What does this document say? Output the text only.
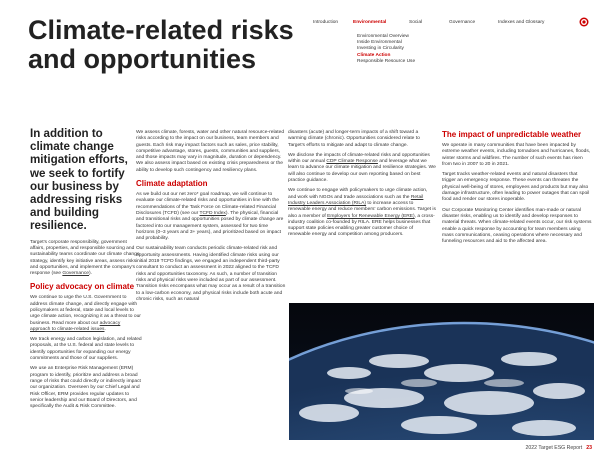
Climate-related risks and opportunities
Introduction	Environmental	Social	Governance	Indexes and Glossary
Environmental Overview
Inside Environmental
Investing in Circularity
Climate Action
Responsible Resource Use
In addition to climate change mitigation efforts, we seek to fortify our business by addressing risks and building resilience.

Target's corporate responsibility, government affairs, properties, and responsible sourcing and sustainability teams coordinate our climate change strategy, identify key initiative areas, assess risks and opportunities, and implement the company's response (see Governance).

Policy advocacy on climate

We continue to urge the U.S. Government to address climate change, and directly engage with policymakers at federal, state and local levels to urge climate action, recognizing it as a threat to our business. Read more about our advocacy approach to climate-related issues.

We track energy and carbon legislation, and related proposals, at the U.S. federal and state levels to identify opportunities for expanding our energy commitments and those of our suppliers.

We use an Enterprise Risk Management (ERM) program to identify, prioritize and address a broad range of risks that could directly or indirectly impact our organization. Overseen by our Chief Legal and Risk Officer, ERM provides regular updates to senior leadership and our Board of Directors, and specifically the Audit & Risk Committee.

We assess climate, forests, water and other natural resource-related risks according to the impact on our business, team members and guests. Each risk may impact factors such as sales, price stability, competitive advantage, stores, guests, communities and suppliers, and those impacts may vary in magnitude, duration or dependency. We also assess impact based on existing crisis preparedness or the ability to develop such contingency and resiliency plans.

Climate adaptation

As we build out our net zero* goal roadmap, we will continue to evaluate our climate-related risks and opportunities in line with the recommendations of the Task Force on Climate-related Financial Disclosures (TCFD) (see our TCFD Index). The physical, financial and transitional risks and opportunities posed by climate change are factored into our management system, assessed for two time horizons (0–3 years and 3+ years), and prioritized based on impact and probability.

Our sustainability team conducts periodic climate-related risk and opportunity assessments. Having identified climate risks using our initial 2019 TCFD findings, we engaged an independent third-party consultant to conduct an assessment in 2022 aligned to the TCFD risks and opportunities taxonomy. As such, a number of transition risks and physical risks were included as part of our assessment. Transition risks encompass what may occur as a result of a transition to a low-carbon economy, and physical risks include both acute and chronic risks, such as natural

disasters (acute) and longer-term impacts of a shift toward a warming climate (chronic). Opportunities considered relate to Target's efforts to mitigate and adapt to climate change.

We disclose the impacts of climate-related risks and opportunities within our annual CDP Climate Response and leverage what we learn to advance our climate mitigation and resilience strategies. We will also continue to develop our own reporting based on best practice guidance.

We continue to engage with policymakers to urge climate action, and work with NGOs and trade associations such as the Retail Industry Leaders Association (RILA) to increase access to renewable energy and reduce members' carbon emissions. Target is also a member of Employers for Renewable Energy (ERE), a cross-industry coalition co-founded by RILA. ERE helps businesses that support state policies enabling greater customer choice of renewable energy and competition among producers.

The impact of unpredictable weather

We operate in many communities that have been impacted by extreme weather events, including tornadoes and hurricanes, floods, winter storms and wildfires. The number of such events has risen from two in 2007 to 20 in 2021.

Target tracks weather-related events and natural disasters that trigger an emergency response. These events can threaten the physical well-being of stores, employees and products but may also damage infrastructure, often leading to power outages that can spoil food and render our stores inoperable.

Our Corporate Monitoring Center identifies man-made or natural disaster risks, enabling us to identify and develop responses to material threats. When climate-related events occur, our risk systems enable a quick response by accounting for team members using mass communications, ceasing operations where necessary and funneling resources and aid to the affected area.

2022 Target ESG Report 23
